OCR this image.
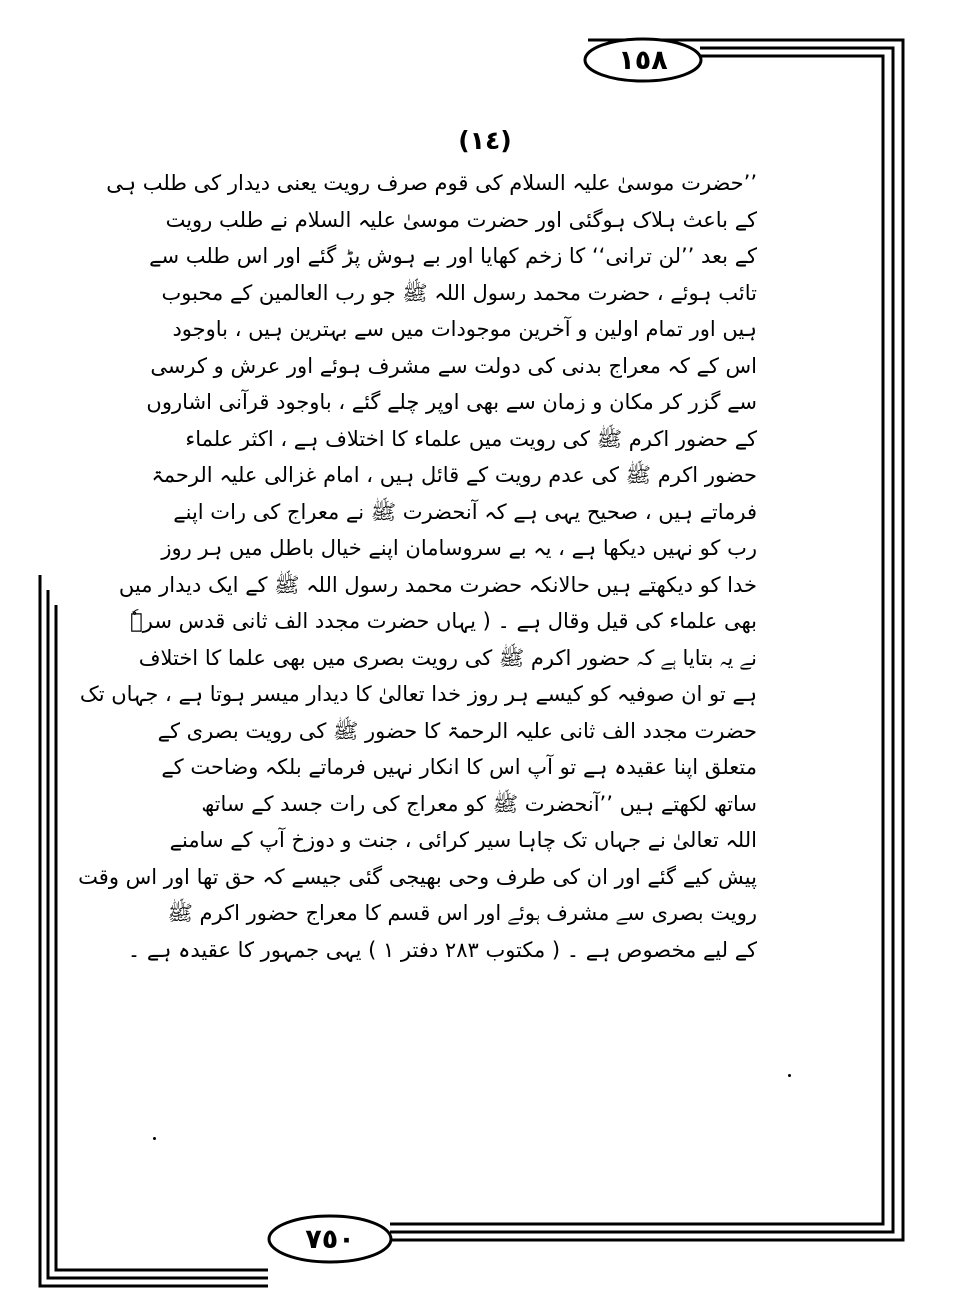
١٥٨
(١٤)
٧٥٠
’’حضرت موسیٰ علیہ السلام کی قوم صرف رویت یعنی دیدار کی طلب ہی
کے باعث ہلاک ہوگئی اور حضرت موسیٰ علیہ السلام نے طلب رویت
کے بعد ’’لن ترانی‘‘ کا زخم کھایا اور بے ہوش پڑ گئے اور اس طلب سے
تائب ہوئے ، حضرت محمد رسول اللہ ﷺ جو رب العالمین کے محبوب
ہیں اور تمام اولین و آخرین موجودات میں سے بہترین ہیں ، باوجود
اس کے کہ معراج بدنی کی دولت سے مشرف ہوئے اور عرش و کرسی
سے گزر کر مکان و زمان سے بھی اوپر چلے گئے ، باوجود قرآنی اشاروں
کے حضور اکرم ﷺ کی رویت میں علماء کا اختلاف ہے ، اکثر علماء
حضور اکرم ﷺ کی عدم رویت کے قائل ہیں ، امام غزالی علیہ الرحمۃ
فرماتے ہیں ، صحیح یہی ہے کہ آنحضرت ﷺ نے معراج کی رات اپنے
رب کو نہیں دیکھا ہے ، یہ بے سروسامان اپنے خیال باطل میں ہر روز
خدا کو دیکھتے ہیں حالانکہ حضرت محمد رسول اللہ ﷺ کے ایک دیدار میں
بھی علماء کی قیل وقال ہے ۔ ( یہاں حضرت مجدد الف ثانی قدس سرہٗ
نے یہ بتایا ہے کہ حضور اکرم ﷺ کی رویت بصری میں بھی علما کا اختلاف
ہے تو ان صوفیہ کو کیسے ہر روز خدا تعالیٰ کا دیدار میسر ہوتا ہے ، جہاں تک
حضرت مجدد الف ثانی علیہ الرحمۃ کا حضور ﷺ کی رویت بصری کے
متعلق اپنا عقیدہ ہے تو آپ اس کا انکار نہیں فرماتے بلکہ وضاحت کے
ساتھ لکھتے ہیں ’’آنحضرت ﷺ کو معراج کی رات جسد کے ساتھ
اللہ تعالیٰ نے جہاں تک چاہا سیر کرائی ، جنت و دوزخ آپ کے سامنے
پیش کیے گئے اور ان کی طرف وحی بھیجی گئی جیسے کہ حق تھا اور اس وقت
رویت بصری سے مشرف ہوئے اور اس قسم کا معراج حضور اکرم ﷺ
کے لیے مخصوص ہے ۔ ( مکتوب ۲۸۳ دفتر ۱ ) یہی جمہور کا عقیدہ ہے ۔
